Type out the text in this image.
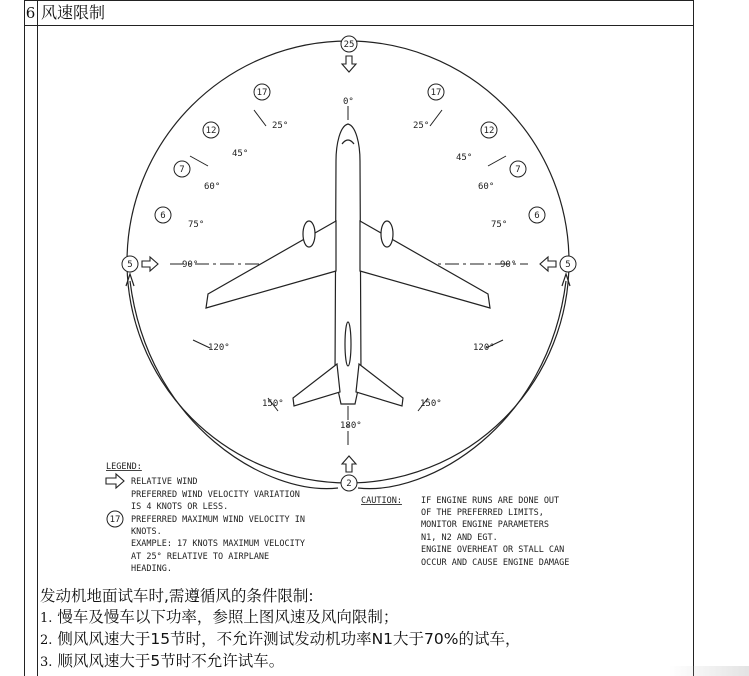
6 风速限制
0°
25°	25°
45°	45°
60°	60°
75°	75°
90°	90°
120°	120°
150°	150°
180°
25
17	17
12	12
7	7
6	6
5	5
2
LEGEND:
RELATIVE WIND
PREFERRED WIND VELOCITY VARIATION
IS 4 KNOTS OR LESS.
17 PREFERRED MAXIMUM WIND VELOCITY IN
KNOTS.
EXAMPLE: 17 KNOTS MAXIMUM VELOCITY
AT 25° RELATIVE TO AIRPLANE
HEADING.
CAUTION: IF ENGINE RUNS ARE DONE OUT
OF THE PREFERRED LIMITS,
MONITOR ENGINE PARAMETERS
N1, N2 AND EGT.
ENGINE OVERHEAT OR STALL CAN
OCCUR AND CAUSE ENGINE DAMAGE
发动机地面试车时,需遵循风的条件限制:
1. 慢车及慢车以下功率，参照上图风速及风向限制；
2. 侧风风速大于15节时，不允许测试发动机功率N1大于70%的试车，
3. 顺风风速大于5节时不允许试车。
